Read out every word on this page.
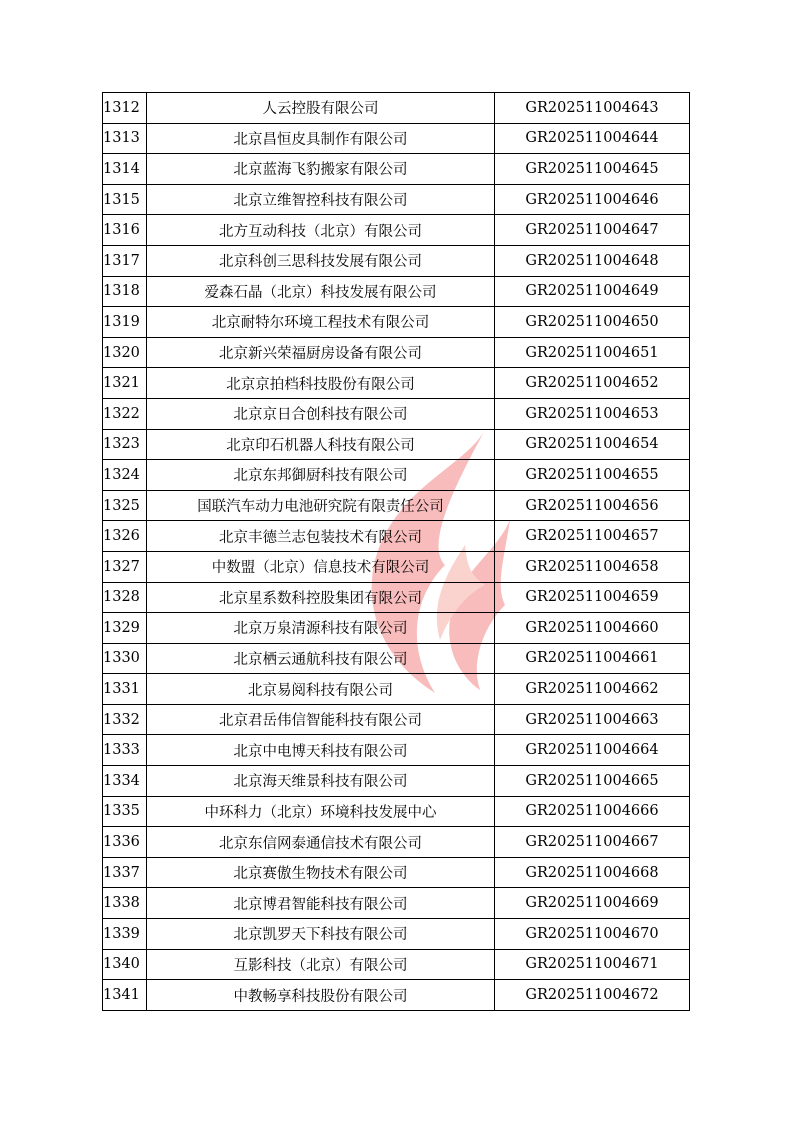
1312	人云控股有限公司	GR202511004643
1313	北京昌恒皮具制作有限公司	GR202511004644
1314	北京蓝海飞豹搬家有限公司	GR202511004645
1315	北京立维智控科技有限公司	GR202511004646
1316	北方互动科技（北京）有限公司	GR202511004647
1317	北京科创三思科技发展有限公司	GR202511004648
1318	爱森石晶（北京）科技发展有限公司	GR202511004649
1319	北京耐特尔环境工程技术有限公司	GR202511004650
1320	北京新兴荣福厨房设备有限公司	GR202511004651
1321	北京京拍档科技股份有限公司	GR202511004652
1322	北京京日合创科技有限公司	GR202511004653
1323	北京印石机器人科技有限公司	GR202511004654
1324	北京东邦御厨科技有限公司	GR202511004655
1325	国联汽车动力电池研究院有限责任公司	GR202511004656
1326	北京丰德兰志包装技术有限公司	GR202511004657
1327	中数盟（北京）信息技术有限公司	GR202511004658
1328	北京星系数科控股集团有限公司	GR202511004659
1329	北京万泉清源科技有限公司	GR202511004660
1330	北京栖云通航科技有限公司	GR202511004661
1331	北京易阅科技有限公司	GR202511004662
1332	北京君岳伟信智能科技有限公司	GR202511004663
1333	北京中电博天科技有限公司	GR202511004664
1334	北京海天维景科技有限公司	GR202511004665
1335	中环科力（北京）环境科技发展中心	GR202511004666
1336	北京东信网泰通信技术有限公司	GR202511004667
1337	北京赛傲生物技术有限公司	GR202511004668
1338	北京博君智能科技有限公司	GR202511004669
1339	北京凯罗天下科技有限公司	GR202511004670
1340	互影科技（北京）有限公司	GR202511004671
1341	中教畅享科技股份有限公司	GR202511004672
